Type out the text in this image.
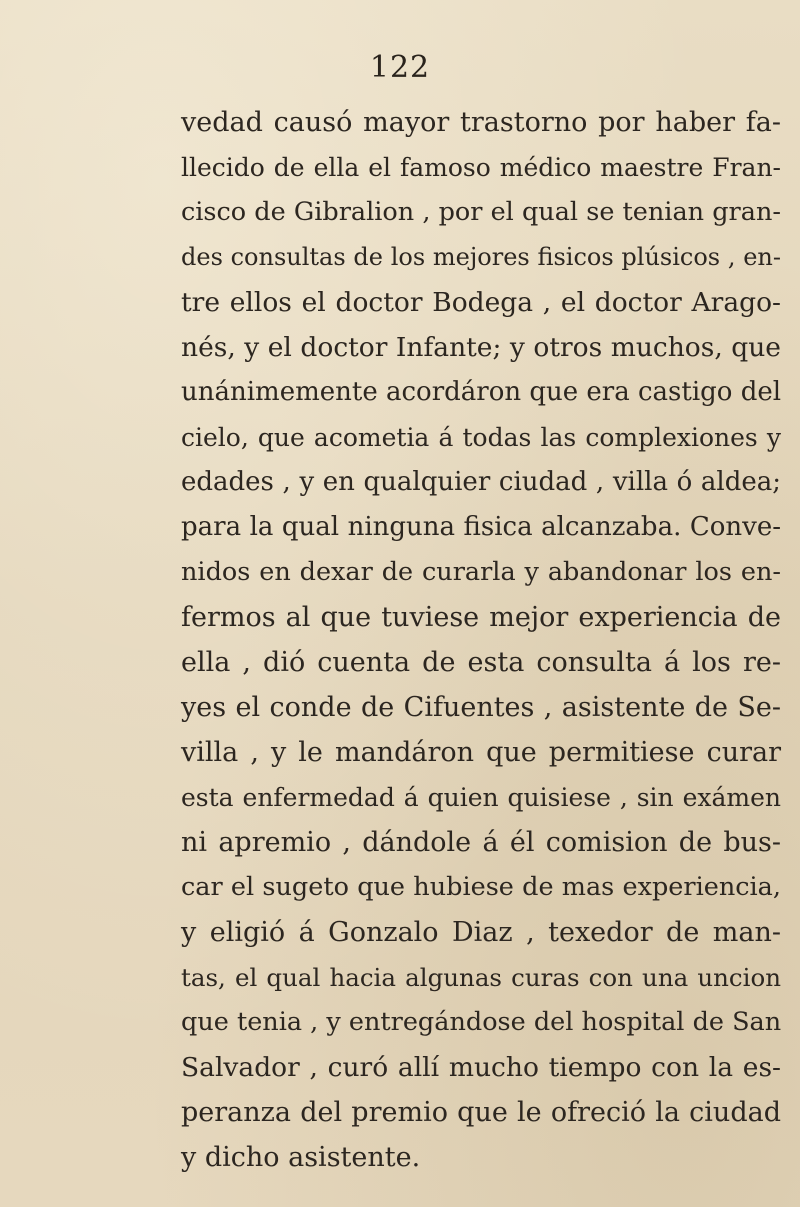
122
vedad causó mayor trastorno por haber fa-
llecido de ella el famoso médico maestre Fran-
cisco de Gibralion , por el qual se tenian gran-
des consultas de los mejores fisicos plúsicos , en-
tre ellos el doctor Bodega , el doctor Arago-
nés, y el doctor Infante; y otros muchos, que
unánimemente acordáron que era castigo del
cielo, que acometia á todas las complexiones y
edades , y en qualquier ciudad , villa ó aldea;
para la qual ninguna fisica alcanzaba. Conve-
nidos en dexar de curarla y abandonar los en-
fermos al que tuviese mejor experiencia de
ella , dió cuenta de esta consulta á los re-
yes el conde de Cifuentes , asistente de Se-
villa , y le mandáron que permitiese curar
esta enfermedad á quien quisiese , sin exámen
ni apremio , dándole á él comision de bus-
car el sugeto que hubiese de mas experiencia,
y eligió á Gonzalo Diaz , texedor de man-
tas, el qual hacia algunas curas con una uncion
que tenia , y entregándose del hospital de San
Salvador , curó allí mucho tiempo con la es-
peranza del premio que le ofreció la ciudad
y dicho asistente.
